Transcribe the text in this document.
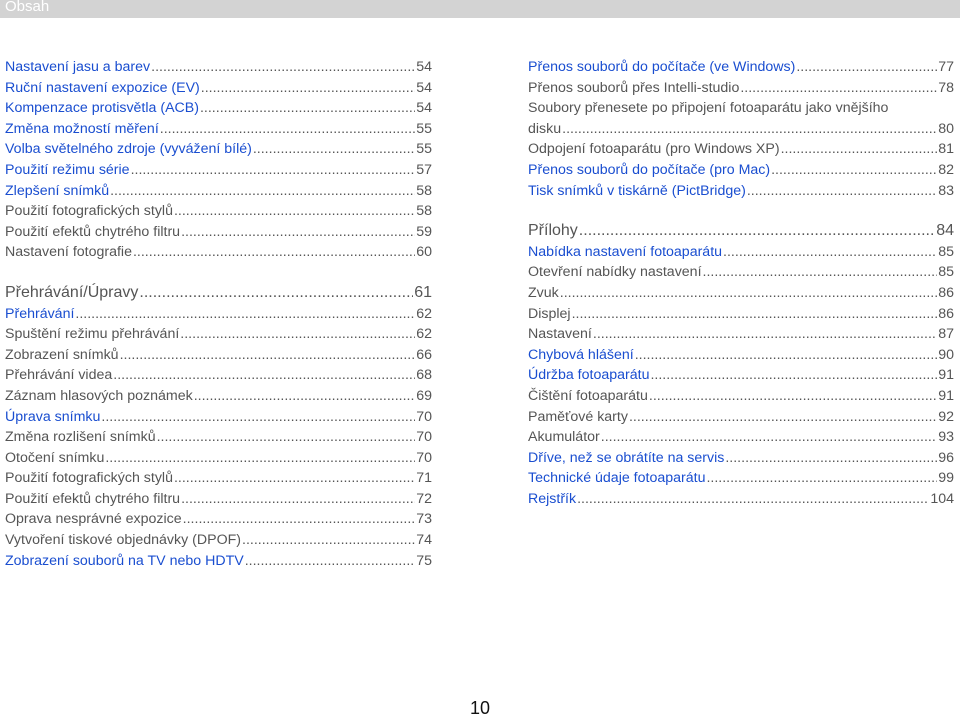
Obsah
Nastavení jasu a barev .....	54
Ruční nastavení expozice (EV) .....	54
Kompenzace protisvětla (ACB) .....	54
Změna možností měření .....	55
Volba světelného zdroje (vyvážení bílé) .....	55
Použití režimu série .....	57
Zlepšení snímků .....	58
Použití fotografických stylů .....	58
Použití efektů chytrého filtru .....	59
Nastavení fotografie .....	60
Přehrávání/Úpravy .....	61
Přehrávání .....	62
Spuštění režimu přehrávání .....	62
Zobrazení snímků .....	66
Přehrávání videa .....	68
Záznam hlasových poznámek .....	69
Úprava snímku .....	70
Změna rozlišení snímků .....	70
Otočení snímku .....	70
Použití fotografických stylů .....	71
Použití efektů chytrého filtru .....	72
Oprava nesprávné expozice .....	73
Vytvoření tiskové objednávky (DPOF) .....	74
Zobrazení souborů na TV nebo HDTV .....	75
Přenos souborů do počítače (ve Windows) .....	77
Přenos souborů přes Intelli-studio .....	78
Soubory přenesete po připojení fotoaparátu jako vnějšího
disku .....	80
Odpojení fotoaparátu (pro Windows XP) .....	81
Přenos souborů do počítače (pro Mac) .....	82
Tisk snímků v tiskárně (PictBridge) .....	83
Přílohy .....	84
Nabídka nastavení fotoaparátu .....	85
Otevření nabídky nastavení .....	85
Zvuk .....	86
Displej .....	86
Nastavení .....	87
Chybová hlášení .....	90
Údržba fotoaparátu .....	91
Čištění fotoaparátu .....	91
Paměťové karty .....	92
Akumulátor .....	93
Dříve, než se obrátíte na servis .....	96
Technické údaje fotoaparátu .....	99
Rejstřík .....	104
10
